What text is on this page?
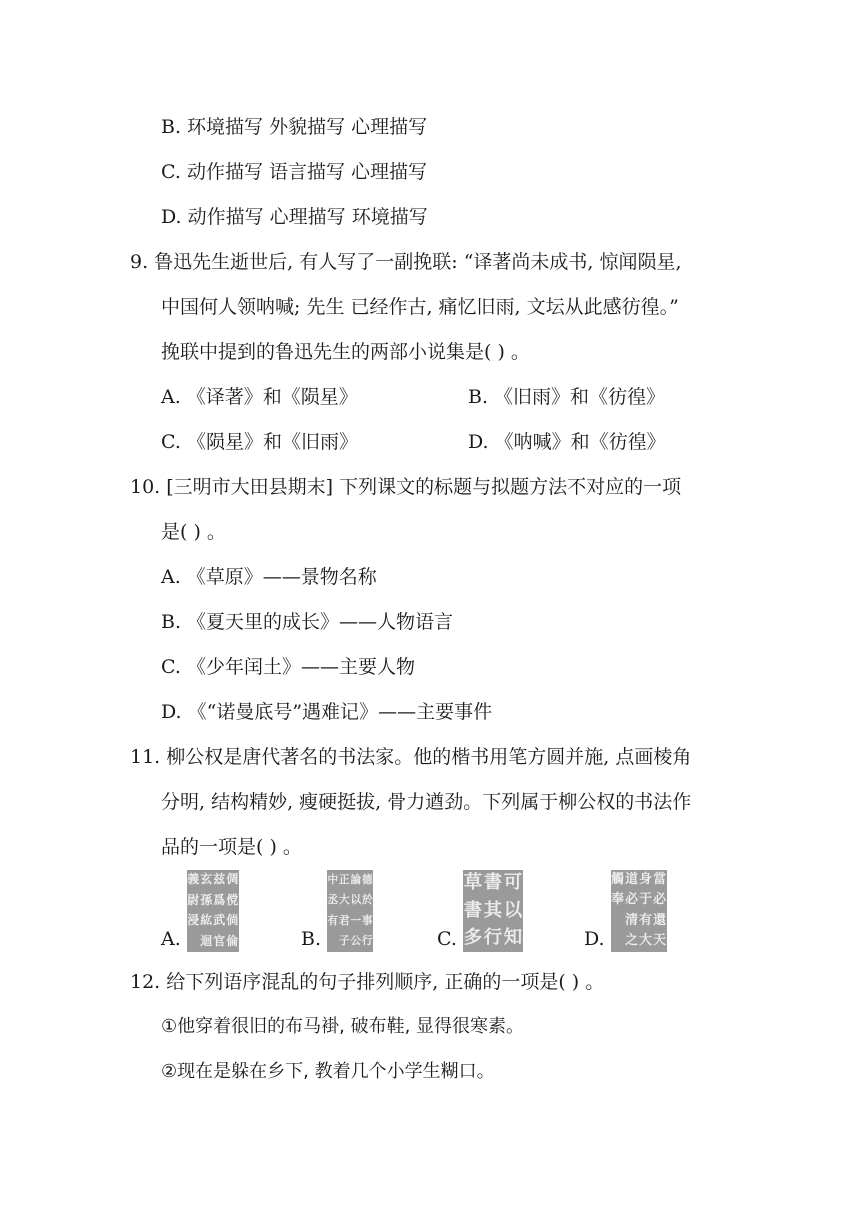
B. 环境描写 外貌描写 心理描写
C. 动作描写 语言描写 心理描写
D. 动作描写 心理描写 环境描写
9. 鲁迅先生逝世后, 有人写了一副挽联: “译著尚未成书, 惊闻陨星,
中国何人领呐喊; 先生 已经作古, 痛忆旧雨, 文坛从此感彷徨。”
挽联中提到的鲁迅先生的两部小说集是( ) 。
A. 《译著》和《陨星》	B. 《旧雨》和《彷徨》
C. 《陨星》和《旧雨》	D. 《呐喊》和《彷徨》
10. [三明市大田县期末] 下列课文的标题与拟题方法不对应的一项
是( ) 。
A. 《草原》——景物名称
B. 《夏天里的成长》——人物语言
C. 《少年闰土》——主要人物
D. 《“诺曼底号”遇难记》——主要事件
11. 柳公权是唐代著名的书法家。他的楷书用笔方圆并施, 点画棱角
分明, 结构精妙, 瘦硬挺拔, 骨力遒劲。下列属于柳公权的书法作
品的一项是( ) 。
A.
倜
傥
倘
倫
兹
爲
武
官
玄
孫
紘
迴
義
尉
浸
B.
德
於
事
行
論
以
一
公
正
大
君
子
中
丞
有
C.
可
以
知
書
其
行
草
書
多	D.
當
必
還
天
身
于
有
大
道
必
清
之
觸
奉
12. 给下列语序混乱的句子排列顺序, 正确的一项是( ) 。
①他穿着很旧的布马褂, 破布鞋, 显得很寒素。
②现在是躲在乡下, 教着几个小学生糊口。
